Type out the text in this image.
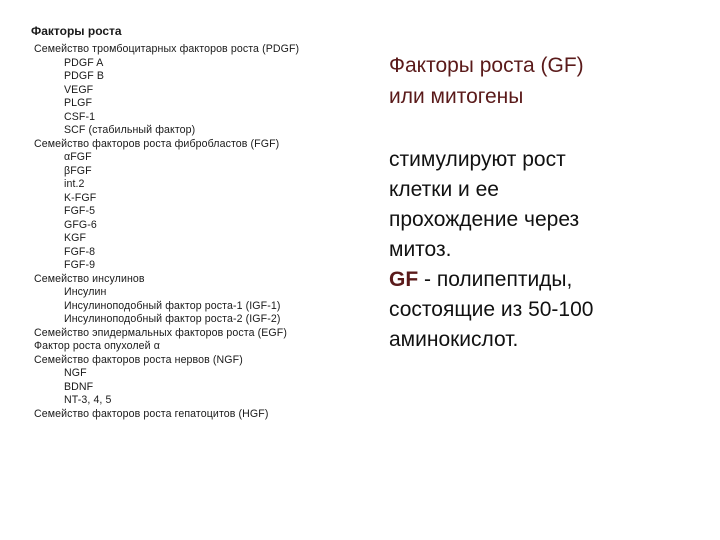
Факторы роста
Семейство тромбоцитарных факторов роста (PDGF)
PDGF A
PDGF B
VEGF
PLGF
CSF-1
SCF (стабильный фактор)
Семейство факторов роста фибробластов (FGF)
αFGF
βFGF
int.2
K-FGF
FGF-5
GFG-6
KGF
FGF-8
FGF-9
Семейство инсулинов
Инсулин
Инсулиноподобный фактор роста-1 (IGF-1)
Инсулиноподобный фактор роста-2 (IGF-2)
Семейство эпидермальных факторов роста (EGF)
Фактор роста опухолей α
Семейство факторов роста нервов (NGF)
NGF
BDNF
NT-3, 4, 5
Семейство факторов роста гепатоцитов (HGF)

Факторы роста (GF)
или митогены

стимулируют рост
клетки и ее
прохождение через
митоз.
GF - полипептиды,
состоящие из 50-100
аминокислот.
